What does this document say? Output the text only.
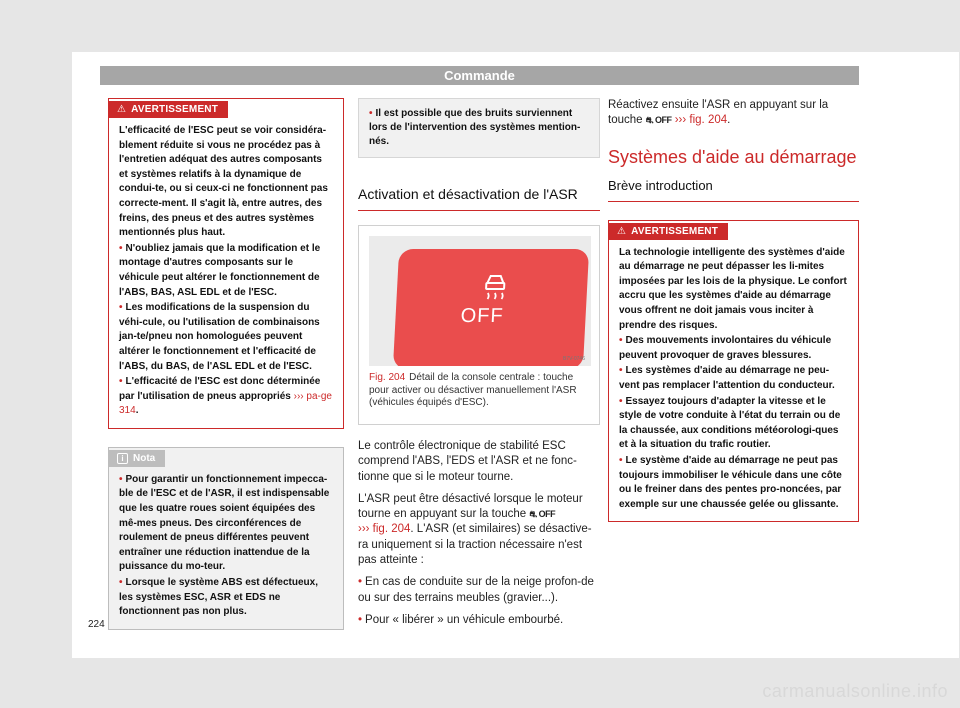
Commande
⚠ AVERTISSEMENT

L'efficacité de l'ESC peut se voir considéra-blement réduite si vous ne procédez pas à l'entretien adéquat des autres composants et systèmes relatifs à la dynamique de condui-te, ou si ceux-ci ne fonctionnent pas correcte-ment. Il s'agit là, entre autres, des freins, des pneus et des autres systèmes mentionnés plus haut.

• N'oubliez jamais que la modification et le montage d'autres composants sur le véhicule peut altérer le fonctionnement de l'ABS, BAS, ASL EDL et de l'ESC.

• Les modifications de la suspension du véhi-cule, ou l'utilisation de combinaisons jan-te/pneu non homologuées peuvent altérer le fonctionnement et l'efficacité de l'ABS, du BAS, de l'ASL EDL et de l'ESC.

• L'efficacité de l'ESC est donc déterminée par l'utilisation de pneus appropriés ››› pa-ge 314.

i Nota

• Pour garantir un fonctionnement impecca-ble de l'ESC et de l'ASR, il est indispensable que les quatre roues soient équipées des mê-mes pneus. Des circonférences de roulement de pneus différentes peuvent entraîner une réduction inattendue de la puissance du mo-teur.

• Lorsque le système ABS est défectueux, les systèmes ESC, ASR et EDS ne fonctionnent pas non plus.

• Il est possible que des bruits surviennent lors de l'intervention des systèmes mention-nés.
Activation et désactivation de l'ASR
OFF
B7V-0746
Fig. 204 Détail de la console centrale : touche pour activer ou désactiver manuellement l'ASR (véhicules équipés d'ESC).

Le contrôle électronique de stabilité ESC comprend l'ABS, l'EDS et l'ASR et ne fonc-tionne que si le moteur tourne.

L'ASR peut être désactivé lorsque le moteur tourne en appuyant sur la touche ⛐ OFF
››› fig. 204. L'ASR (et similaires) se désactive-ra uniquement si la traction nécessaire n'est pas atteinte :

• En cas de conduite sur de la neige profon-de ou sur des terrains meubles (gravier...).

• Pour « libérer » un véhicule embourbé.

Réactivez ensuite l'ASR en appuyant sur la touche ⛐ OFF ››› fig. 204.

Systèmes d'aide au démarrage
Brève introduction
⚠ AVERTISSEMENT

La technologie intelligente des systèmes d'aide au démarrage ne peut dépasser les li-mites imposées par les lois de la physique. Le confort accru que les systèmes d'aide au démarrage vous offrent ne doit jamais vous inciter à prendre des risques.

• Des mouvements involontaires du véhicule peuvent provoquer de graves blessures.

• Les systèmes d'aide au démarrage ne peu-vent pas remplacer l'attention du conducteur.

• Essayez toujours d'adapter la vitesse et le style de votre conduite à l'état du terrain ou de la chaussée, aux conditions météorologi-ques et à la situation du trafic routier.

• Le système d'aide au démarrage ne peut pas toujours immobiliser le véhicule dans une côte ou le freiner dans des pentes pro-noncées, par exemple sur une chaussée gelée ou glissante.

224
carmanualsonline.info
